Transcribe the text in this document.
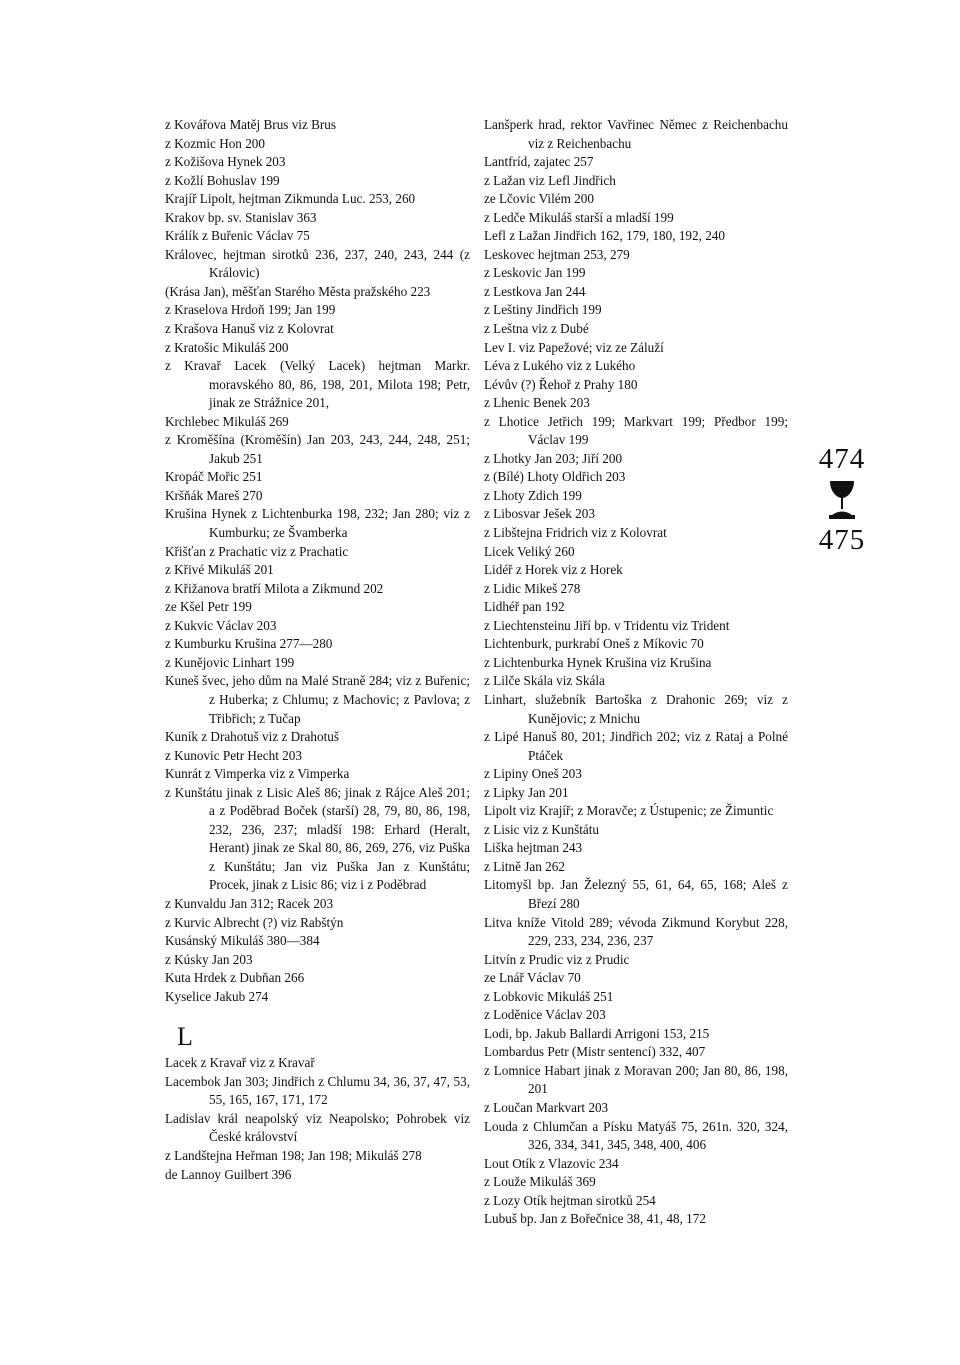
z Kovářova Matěj Brus viz Brus
z Kozmic Hon 200
z Kožišova Hynek 203
z Kožlí Bohuslav 199
Krajíř Lipolt, hejtman Zikmunda Luc. 253, 260
Krakov bp. sv. Stanislav 363
Králík z Buřenic Václav 75
Královec, hejtman sirotků 236, 237, 240, 243, 244 (z Královic)
(Krása Jan), měšťan Starého Města pražského 223
z Kraselova Hrdoň 199; Jan 199
z Krašova Hanuš viz z Kolovrat
z Kratošic Mikuláš 200
z Kravař Lacek (Velký Lacek) hejtman Markr. moravského 80, 86, 198, 201, Milota 198; Petr, jinak ze Strážnice 201,
Krchlebec Mikuláš 269
z Kroměšína (Kroměšín) Jan 203, 243, 244, 248, 251; Jakub 251
Kropáč Mořic 251
Kršňák Mareš 270
Krušina Hynek z Lichtenburka 198, 232; Jan 280; viz z Kumburku; ze Švamberka
Křišťan z Prachatic viz z Prachatic
z Křivé Mikuláš 201
z Křižanova bratří Milota a Zikmund 202
ze Kšel Petr 199
z Kukvic Václav 203
z Kumburku Krušina 277—280
z Kunějovic Linhart 199
Kuneš švec, jeho dům na Malé Straně 284; viz z Buřenic; z Huberka; z Chlumu; z Machovic; z Pavlova; z Třibřich; z Tučap
Kuník z Drahotuš viz z Drahotuš
z Kunovic Petr Hecht 203
Kunrát z Vimperka viz z Vimperka
z Kunštátu jinak z Lisic Aleš 86; jinak z Rájce Aleš 201; a z Poděbrad Boček (starší) 28, 79, 80, 86, 198, 232, 236, 237; mladší 198: Erhard (Heralt, Herant) jinak ze Skal 80, 86, 269, 276, viz Puška z Kunštátu; Jan viz Puška Jan z Kunštátu; Procek, jinak z Lisic 86; viz i z Poděbrad
z Kunvaldu Jan 312; Racek 203
z Kurvic Albrecht (?) viz Rabštýn
Kusánský Mikuláš 380—384
z Kúsky Jan 203
Kuta Hrdek z Dubňan 266
Kyselice Jakub 274
L
Lacek z Kravař viz z Kravař
Lacembok Jan 303; Jindřich z Chlumu 34, 36, 37, 47, 53, 55, 165, 167, 171, 172
Ladislav král neapolský viz Neapolsko; Pohrobek viz České království
z Landštejna Heřman 198; Jan 198; Mikuláš 278
de Lannoy Guilbert 396
Lanšperk hrad, rektor Vavřinec Němec z Reichenbachu viz z Reichenbachu
Lantfríd, zajatec 257
z Lažan viz Lefl Jindřich
ze Lčovic Vilém 200
z Ledče Mikuláš starší a mladší 199
Lefl z Lažan Jindřich 162, 179, 180, 192, 240
Leskovec hejtman 253, 279
z Leskovic Jan 199
z Lestkova Jan 244
z Leštiny Jindřich 199
z Leštna viz z Dubé
Lev I. viz Papežové; viz ze Záluží
Léva z Lukého viz z Lukého
Lévův (?) Řehoř z Prahy 180
z Lhenic Benek 203
z Lhotice Jetřich 199; Markvart 199; Předbor 199; Václav 199
z Lhotky Jan 203; Jiří 200
z (Bílé) Lhoty Oldřich 203
z Lhoty Zdich 199
z Libosvar Ješek 203
z Libštejna Fridrich viz z Kolovrat
Licek Veliký 260
Lidéř z Horek viz z Horek
z Lidic Mikeš 278
Lidhéř pan 192
z Liechtensteinu Jiří bp. v Tridentu viz Trident
Lichtenburk, purkrabí Oneš z Míkovic 70
z Lichtenburka Hynek Krušina viz Krušina
z Lilče Skála viz Skála
Linhart, služebník Bartoška z Drahonic 269; viz z Kunějovic; z Mnichu
z Lipé Hanuš 80, 201; Jindřich 202; viz z Rataj a Polné Ptáček
z Lipiny Oneš 203
z Lipky Jan 201
Lipolt viz Krajíř; z Moravče; z Ústupenic; ze Žimuntic
z Lisic viz z Kunštátu
Liška hejtman 243
z Litně Jan 262
Litomyšl bp. Jan Železný 55, 61, 64, 65, 168; Aleš z Březí 280
Litva kníže Vitold 289; vévoda Zikmund Korybut 228, 229, 233, 234, 236, 237
Litvín z Prudic viz z Prudic
ze Lnář Václav 70
z Lobkovic Mikuláš 251
z Loděnice Václav 203
Lodi, bp. Jakub Ballardi Arrigoni 153, 215
Lombardus Petr (Mistr sentencí) 332, 407
z Lomnice Habart jinak z Moravan 200; Jan 80, 86, 198, 201
z Loučan Markvart 203
Louda z Chlumčan a Písku Matyáš 75, 261n. 320, 324, 326, 334, 341, 345, 348, 400, 406
Lout Otík z Vlazovic 234
z Louže Mikuláš 369
z Lozy Otík hejtman sirotků 254
Lubuš bp. Jan z Bořečnice 38, 41, 48, 172
474
475
